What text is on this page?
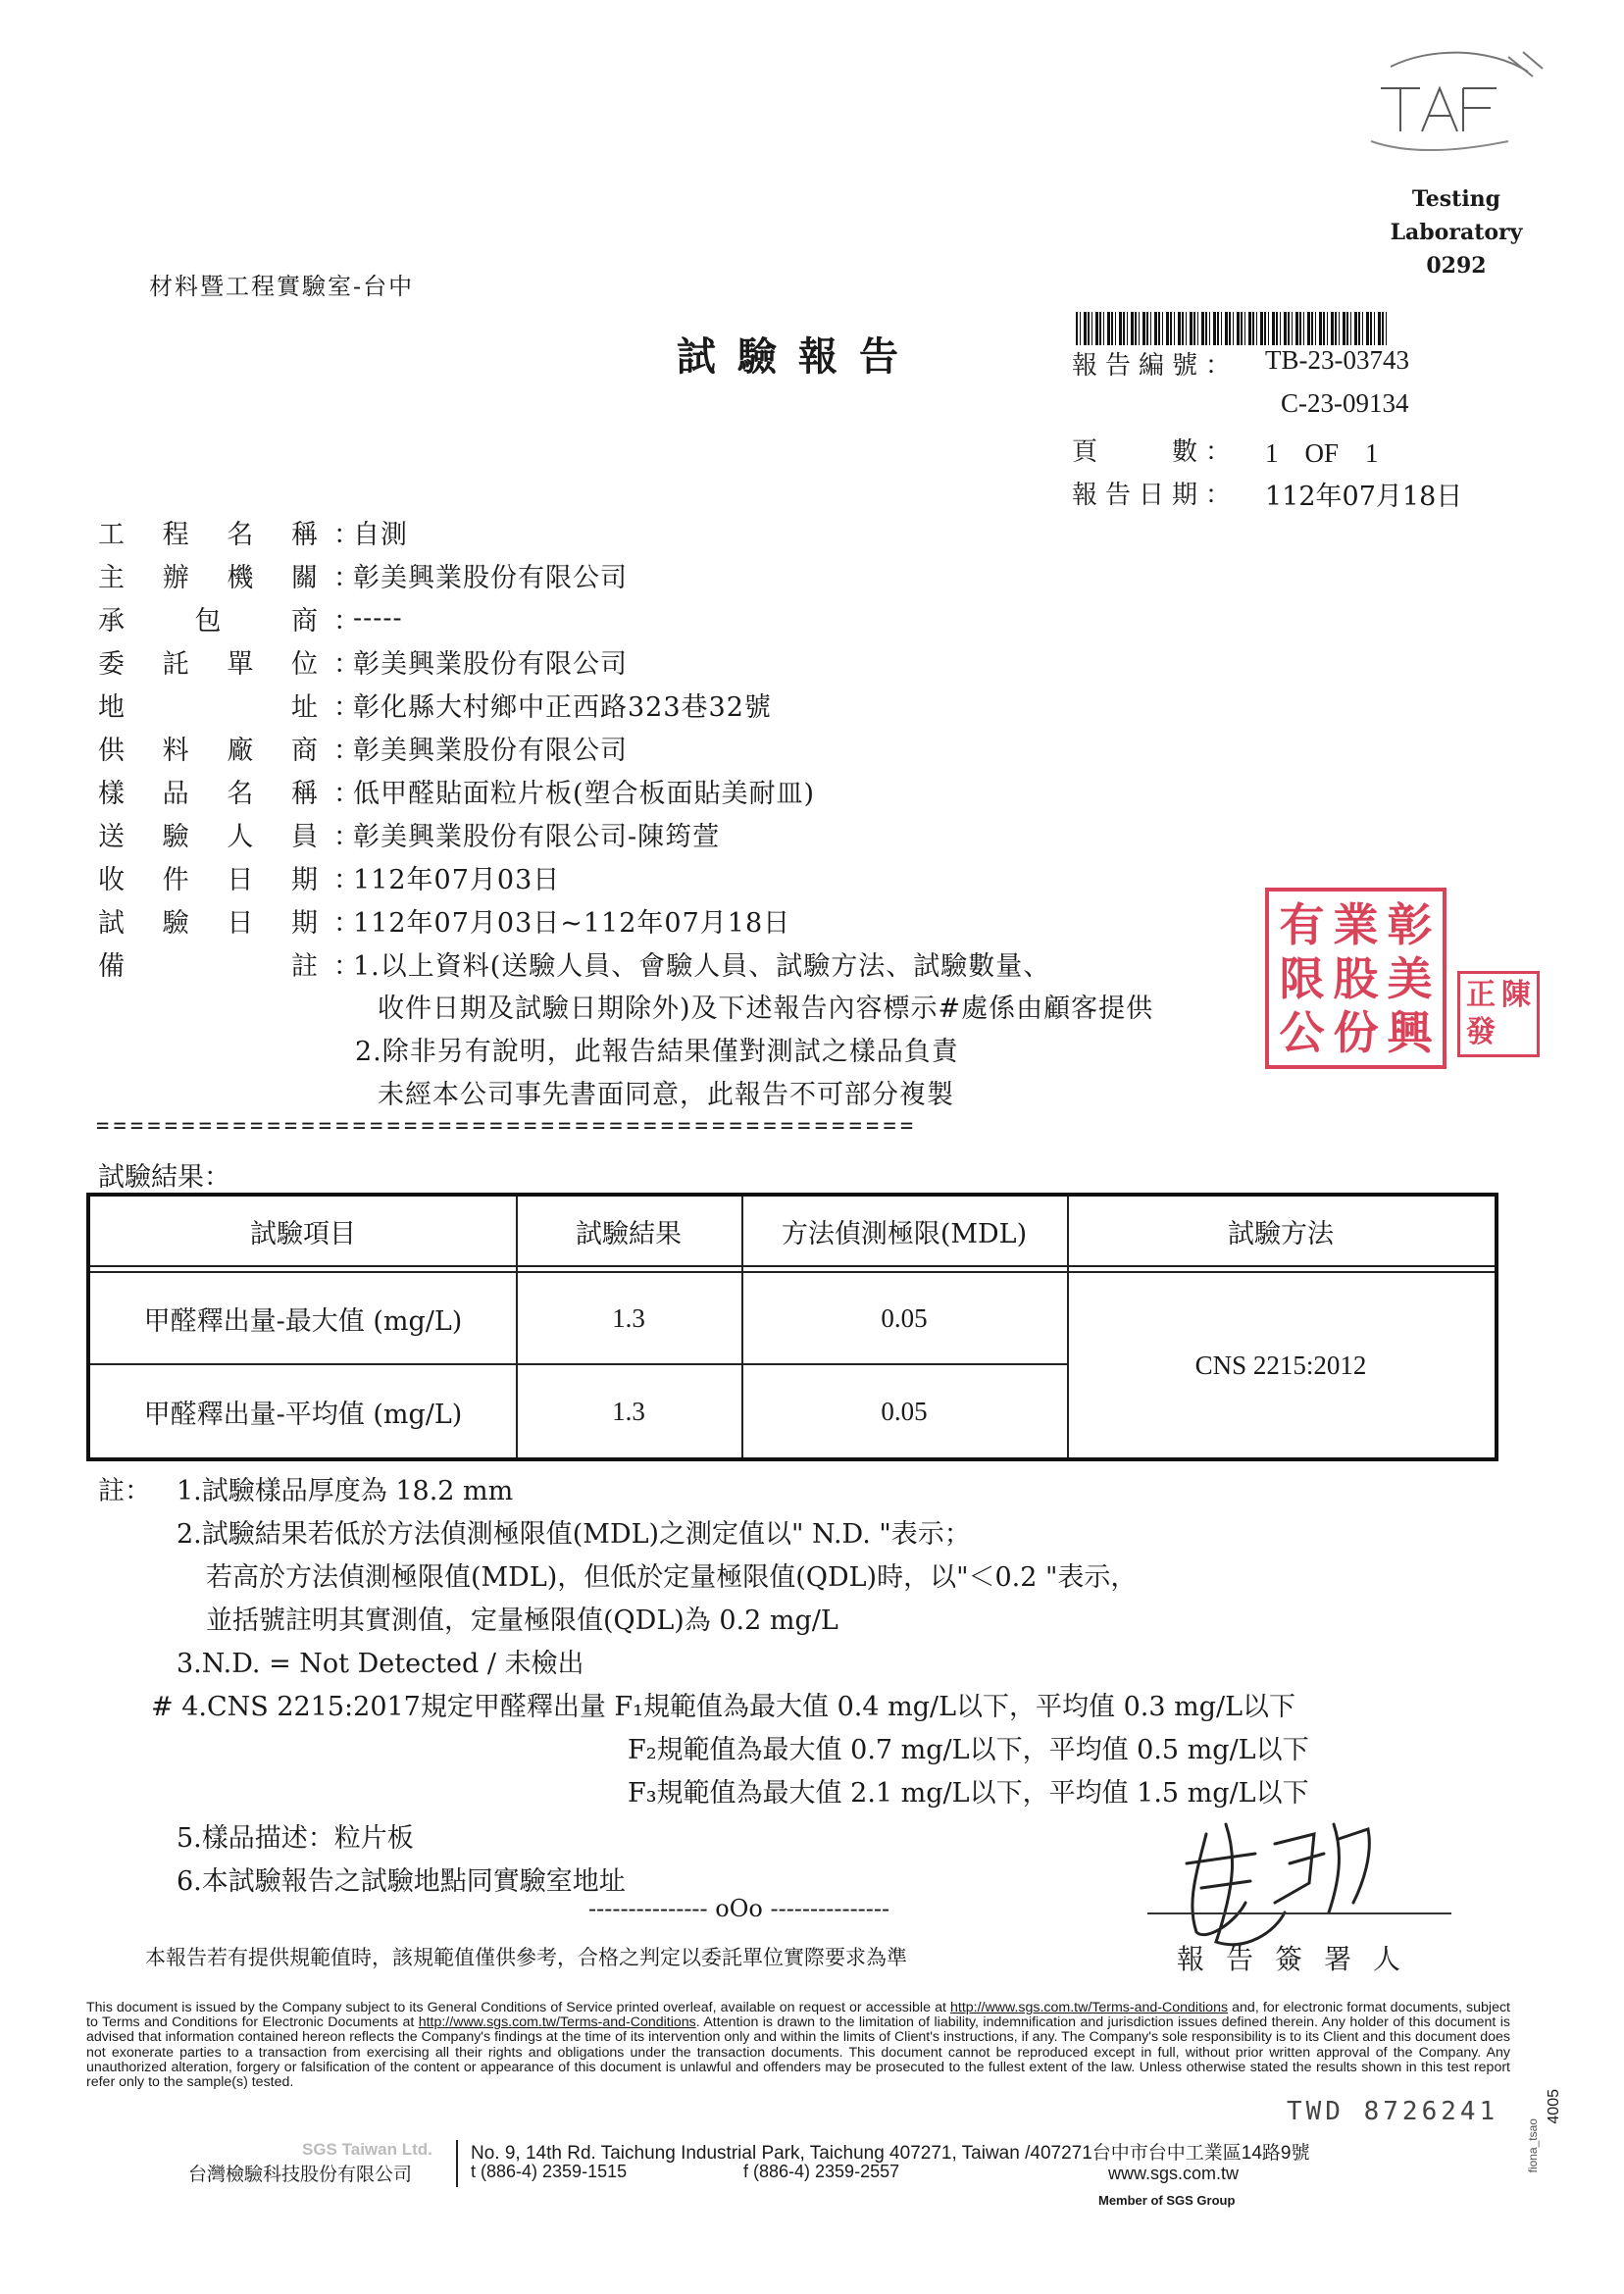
Testing Laboratory
0292
材料暨工程實驗室-台中
試驗報告	報告編號： TB-23-03743
C-23-09134
頁　　數： 1　OF　1
報告日期： 112年07月18日
工 程 名 稱 ：
自測
主 辦 機 關 ：
彰美興業股份有限公司
承	包	商 ：
-----
委 託 單 位 ：
彰美興業股份有限公司
地	址 ：
彰化縣大村鄉中正西路323巷32號
供 料 廠 商 ：
彰美興業股份有限公司
樣 品 名 稱 ：
低甲醛貼面粒片板(塑合板面貼美耐皿)
送 驗 人 員 ：
彰美興業股份有限公司-陳筠萱
收 件 日 期 ：
112年07月03日
試 驗 日 期 ：
112年07月03日~112年07月18日
備	註 ：
1.以上資料(送驗人員、會驗人員、試驗方法、試驗數量、
收件日期及試驗日期除外)及下述報告內容標示#處係由顧客提供
2.除非另有說明，此報告結果僅對測試之樣品負責
未經本公司事先書面同意，此報告不可部分複製
有 業 彰
限 股 美
公 份 興
正 陳
發
================================================
試驗結果：
試驗項目	試驗結果	方法偵測極限(MDL)	試驗方法
甲醛釋出量-最大值 (mg/L)	1.3	0.05
甲醛釋出量-平均值 (mg/L)	1.3	0.05
CNS 2215:2012
註： 1.試驗樣品厚度為 18.2 mm
2.試驗結果若低於方法偵測極限值(MDL)之測定值以" N.D. "表示；
若高於方法偵測極限值(MDL)，但低於定量極限值(QDL)時，以"＜0.2 "表示，
並括號註明其實測值，定量極限值(QDL)為 0.2 mg/L
3.N.D. = Not Detected / 未檢出
# 4.CNS 2215:2017規定甲醛釋出量 F₁規範值為最大值 0.4 mg/L以下，平均值 0.3 mg/L以下
F₂規範值為最大值 0.7 mg/L以下，平均值 0.5 mg/L以下
F₃規範值為最大值 2.1 mg/L以下，平均值 1.5 mg/L以下
5.樣品描述：粒片板
6.本試驗報告之試驗地點同實驗室地址
報告簽署人
--------------- oOo ---------------
本報告若有提供規範值時，該規範值僅供參考，合格之判定以委託單位實際要求為準
This document is issued by the Company subject to its General Conditions of Service printed overleaf, available on request or accessible at http://www.sgs.com.tw/Terms-and-Conditions and, for electronic format documents, subject to Terms and Conditions for Electronic Documents at http://www.sgs.com.tw/Terms-and-Conditions. Attention is drawn to the limitation of liability, indemnification and jurisdiction issues defined therein. Any holder of this document is advised that information contained hereon reflects the Company's findings at the time of its intervention only and within the limits of Client's instructions, if any. The Company's sole responsibility is to its Client and this document does not exonerate parties to a transaction from exercising all their rights and obligations under the transaction documents. This document cannot be reproduced except in full, without prior written approval of the Company. Any unauthorized alteration, forgery or falsification of the content or appearance of this document is unlawful and offenders may be prosecuted to the fullest extent of the law. Unless otherwise stated the results shown in this test report refer only to the sample(s) tested.
TWD 8726241	4005
fiona_tsao
SGS Taiwan Ltd.
台灣檢驗科技股份有限公司
No. 9, 14th Rd. Taichung Industrial Park, Taichung 407271, Taiwan /407271台中市台中工業區14路9號
t (886-4) 2359-1515	f (886-4) 2359-2557	www.sgs.com.tw
Member of SGS Group
